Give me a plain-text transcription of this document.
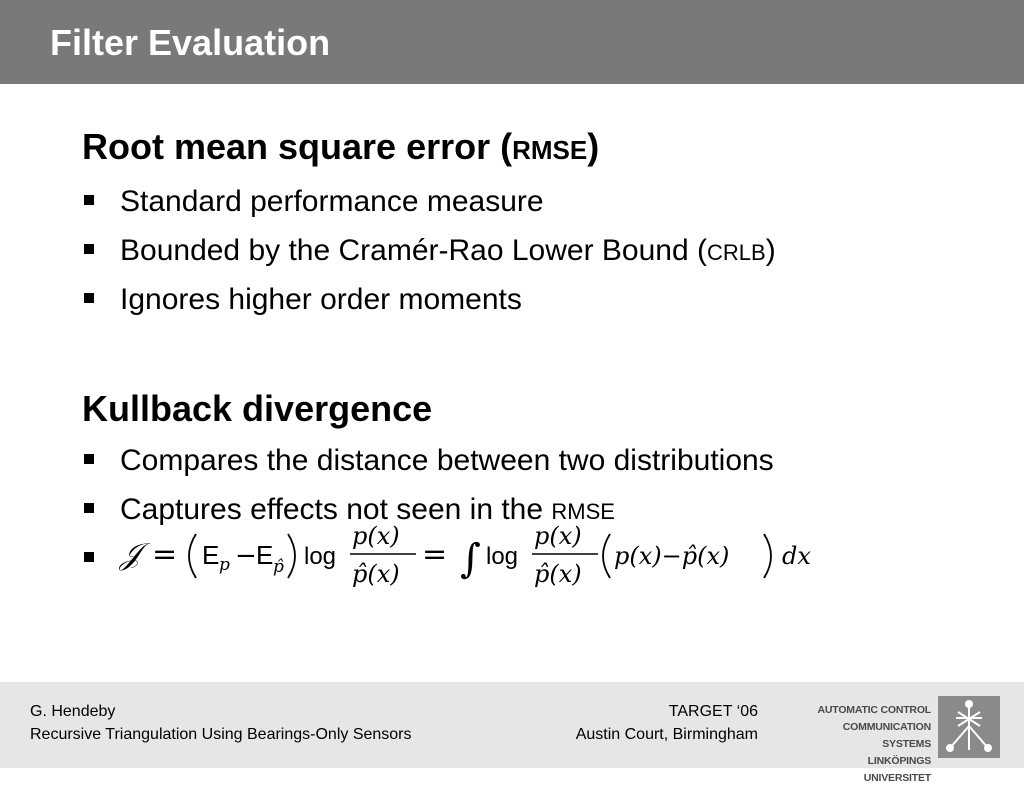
Filter Evaluation

Root mean square error (RMSE)

Standard performance measure
Bounded by the Cramér-Rao Lower Bound (CRLB)
Ignores higher order moments

Kullback divergence

Compares the distance between two distributions
Captures effects not seen in the RMSE
𝒥 = E p − E p̂ log
p(x)
p̂(x)
= ∫ log
p(x)
p̂(x)
p(x)−p̂(x) dx
G. Hendeby
Recursive Triangulation Using Bearings-Only Sensors
TARGET ‘06
Austin Court, Birmingham
AUTOMATIC CONTROL
COMMUNICATION SYSTEMS
LINKÖPINGS UNIVERSITET
